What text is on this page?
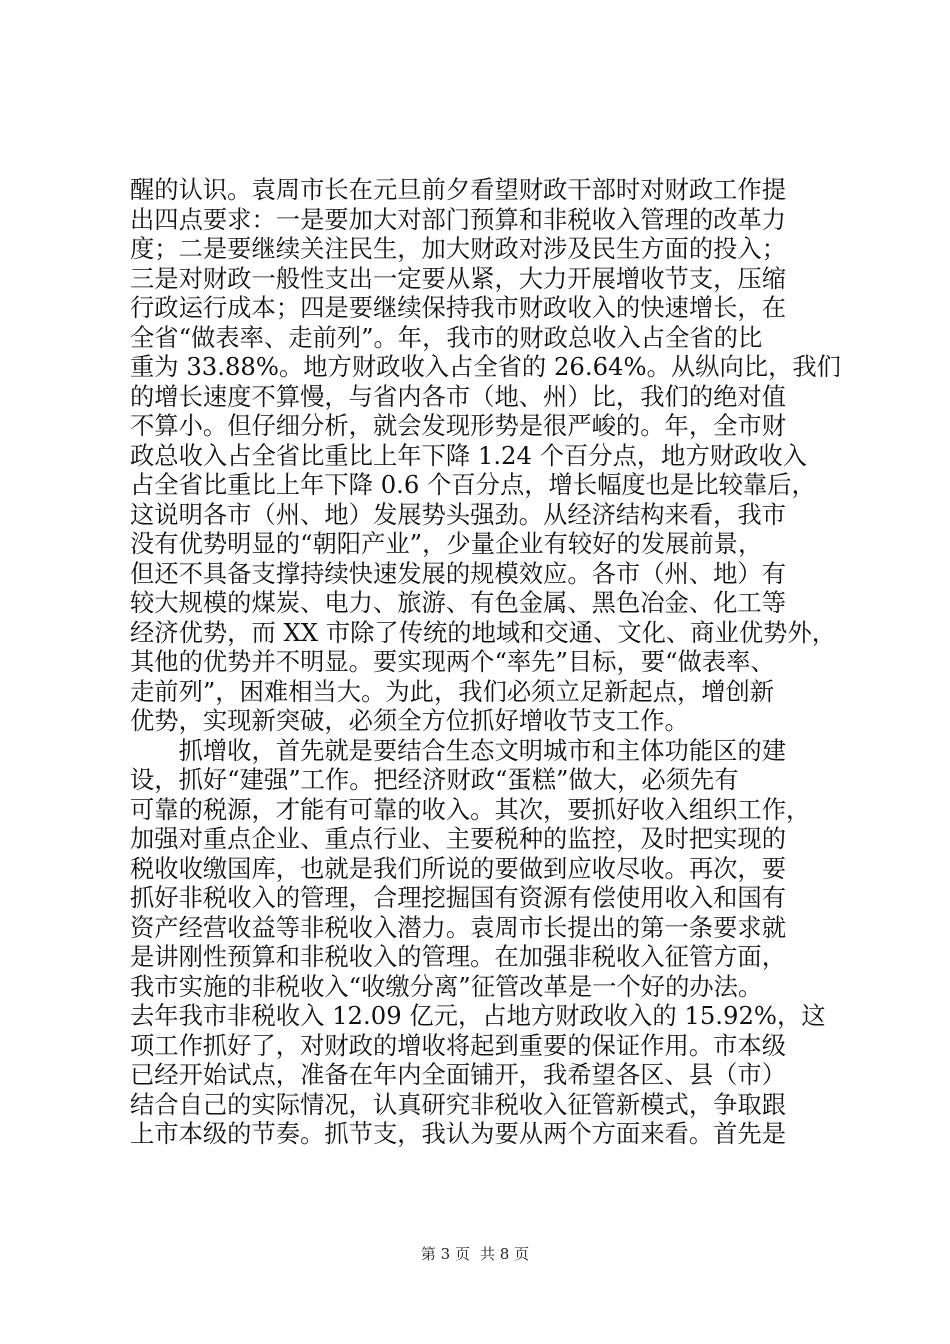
醒的认识。袁周市长在元旦前夕看望财政干部时对财政工作提
出四点要求：一是要加大对部门预算和非税收入管理的改革力
度；二是要继续关注民生，加大财政对涉及民生方面的投入；
三是对财政一般性支出一定要从紧，大力开展增收节支，压缩
行政运行成本；四是要继续保持我市财政收入的快速增长，在
全省“做表率、走前列”。年，我市的财政总收入占全省的比
重为 33.88%。地方财政收入占全省的 26.64%。从纵向比，我们
的增长速度不算慢，与省内各市（地、州）比，我们的绝对值
不算小。但仔细分析，就会发现形势是很严峻的。年，全市财
政总收入占全省比重比上年下降 1.24 个百分点，地方财政收入
占全省比重比上年下降 0.6 个百分点，增长幅度也是比较靠后，
这说明各市（州、地）发展势头强劲。从经济结构来看，我市
没有优势明显的“朝阳产业”，少量企业有较好的发展前景，
但还不具备支撑持续快速发展的规模效应。各市（州、地）有
较大规模的煤炭、电力、旅游、有色金属、黑色冶金、化工等
经济优势，而 XX 市除了传统的地域和交通、文化、商业优势外，
其他的优势并不明显。要实现两个“率先”目标，要“做表率、
走前列”，困难相当大。为此，我们必须立足新起点，增创新
优势，实现新突破，必须全方位抓好增收节支工作。
　　抓增收，首先就是要结合生态文明城市和主体功能区的建
设，抓好“建强”工作。把经济财政“蛋糕”做大，必须先有
可靠的税源，才能有可靠的收入。其次，要抓好收入组织工作，
加强对重点企业、重点行业、主要税种的监控，及时把实现的
税收收缴国库，也就是我们所说的要做到应收尽收。再次，要
抓好非税收入的管理，合理挖掘国有资源有偿使用收入和国有
资产经营收益等非税收入潜力。袁周市长提出的第一条要求就
是讲刚性预算和非税收入的管理。在加强非税收入征管方面，
我市实施的非税收入“收缴分离”征管改革是一个好的办法。
去年我市非税收入 12.09 亿元，占地方财政收入的 15.92%，这
项工作抓好了，对财政的增收将起到重要的保证作用。市本级
已经开始试点，准备在年内全面铺开，我希望各区、县（市）
结合自己的实际情况，认真研究非税收入征管新模式，争取跟
上市本级的节奏。抓节支，我认为要从两个方面来看。首先是
第 3 页 共 8 页
